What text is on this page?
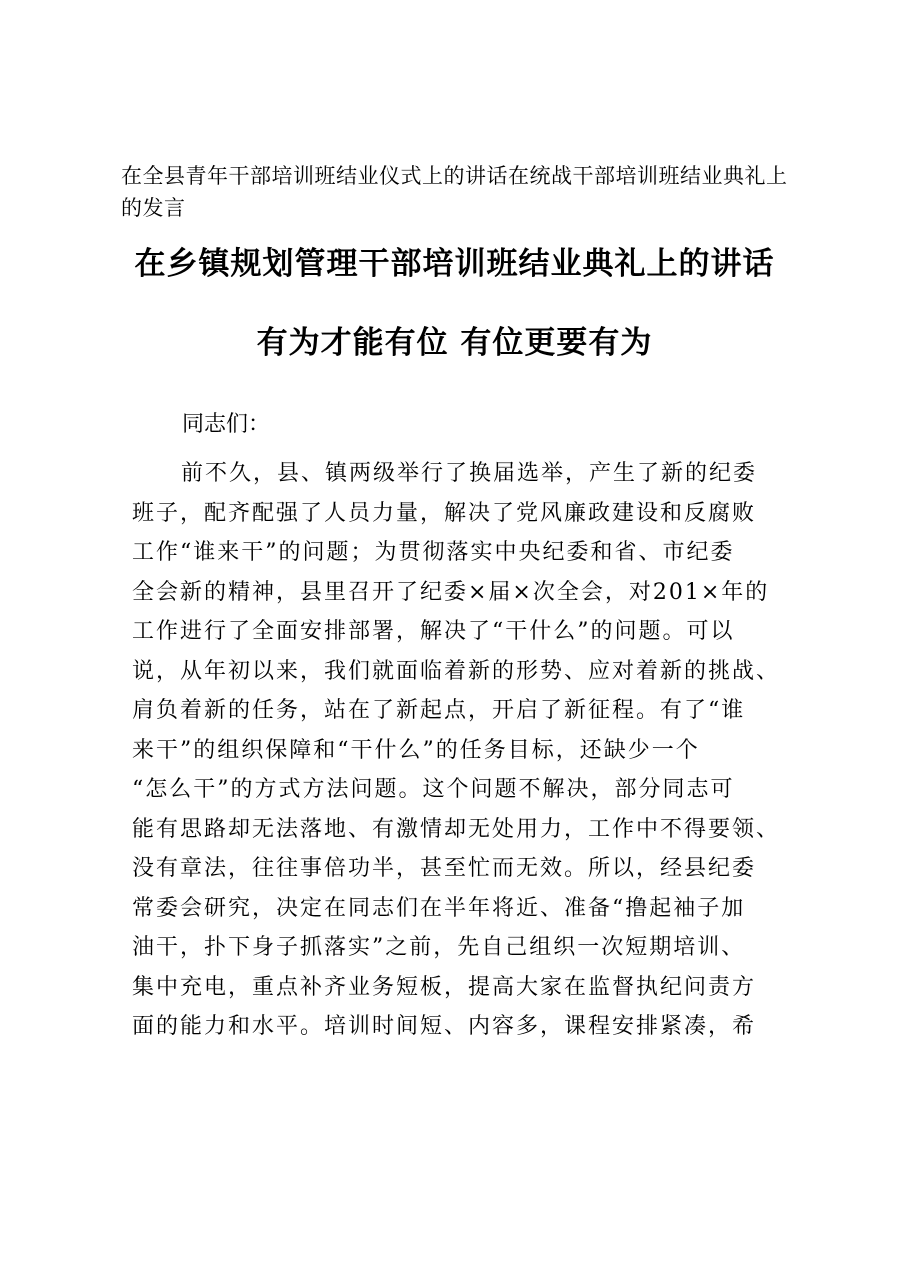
在全县青年干部培训班结业仪式上的讲话在统战干部培训班结业典礼上的发言
在乡镇规划管理干部培训班结业典礼上的讲话
有为才能有位 有位更要有为
同志们：
前不久，县、镇两级举行了换届选举，产生了新的纪委
班子，配齐配强了人员力量，解决了党风廉政建设和反腐败
工作“谁来干”的问题；为贯彻落实中央纪委和省、市纪委
全会新的精神，县里召开了纪委×届×次全会，对201×年的
工作进行了全面安排部署，解决了“干什么”的问题。可以
说，从年初以来，我们就面临着新的形势、应对着新的挑战、
肩负着新的任务，站在了新起点，开启了新征程。有了“谁
来干”的组织保障和“干什么”的任务目标，还缺少一个
“怎么干”的方式方法问题。这个问题不解决，部分同志可
能有思路却无法落地、有激情却无处用力，工作中不得要领、
没有章法，往往事倍功半，甚至忙而无效。所以，经县纪委
常委会研究，决定在同志们在半年将近、准备“撸起袖子加
油干，扑下身子抓落实”之前，先自己组织一次短期培训、
集中充电，重点补齐业务短板，提高大家在监督执纪问责方
面的能力和水平。培训时间短、内容多，课程安排紧凑，希
